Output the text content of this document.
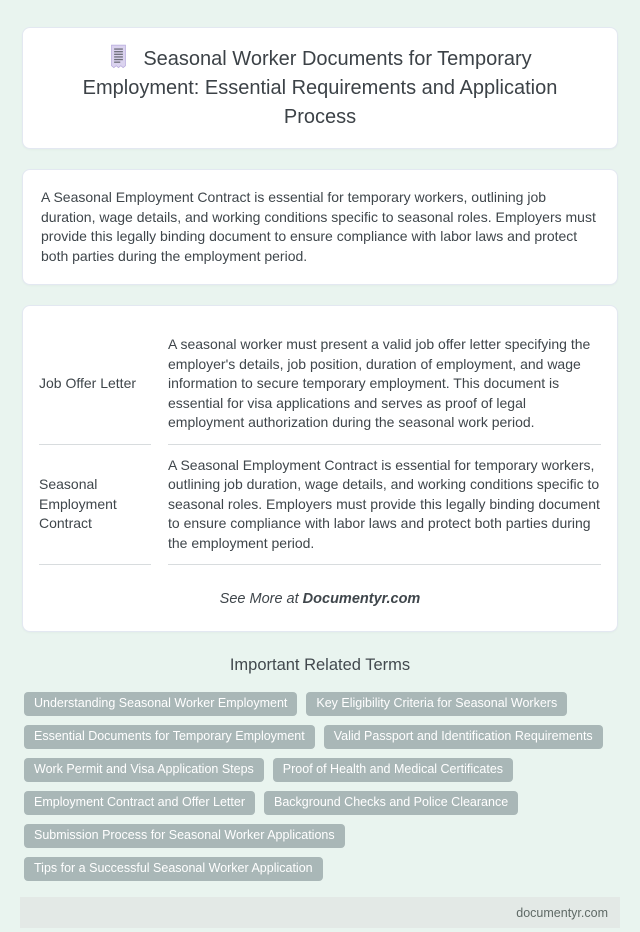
Seasonal Worker Documents for Temporary Employment: Essential Requirements and Application Process

A Seasonal Employment Contract is essential for temporary workers, outlining job duration, wage details, and working conditions specific to seasonal roles. Employers must provide this legally binding document to ensure compliance with labor laws and protect both parties during the employment period.

Job Offer Letter
A seasonal worker must present a valid job offer letter specifying the employer's details, job position, duration of employment, and wage information to secure temporary employment. This document is essential for visa applications and serves as proof of legal employment authorization during the seasonal work period.
Seasonal Employment Contract
A Seasonal Employment Contract is essential for temporary workers, outlining job duration, wage details, and working conditions specific to seasonal roles. Employers must provide this legally binding document to ensure compliance with labor laws and protect both parties during the employment period.
See More at Documentyr.com
Important Related Terms
Understanding Seasonal Worker Employment	Key Eligibility Criteria for Seasonal Workers
Essential Documents for Temporary Employment	Valid Passport and Identification Requirements
Work Permit and Visa Application Steps	Proof of Health and Medical Certificates
Employment Contract and Offer Letter	Background Checks and Police Clearance
Submission Process for Seasonal Worker Applications
Tips for a Successful Seasonal Worker Application
documentyr.com
